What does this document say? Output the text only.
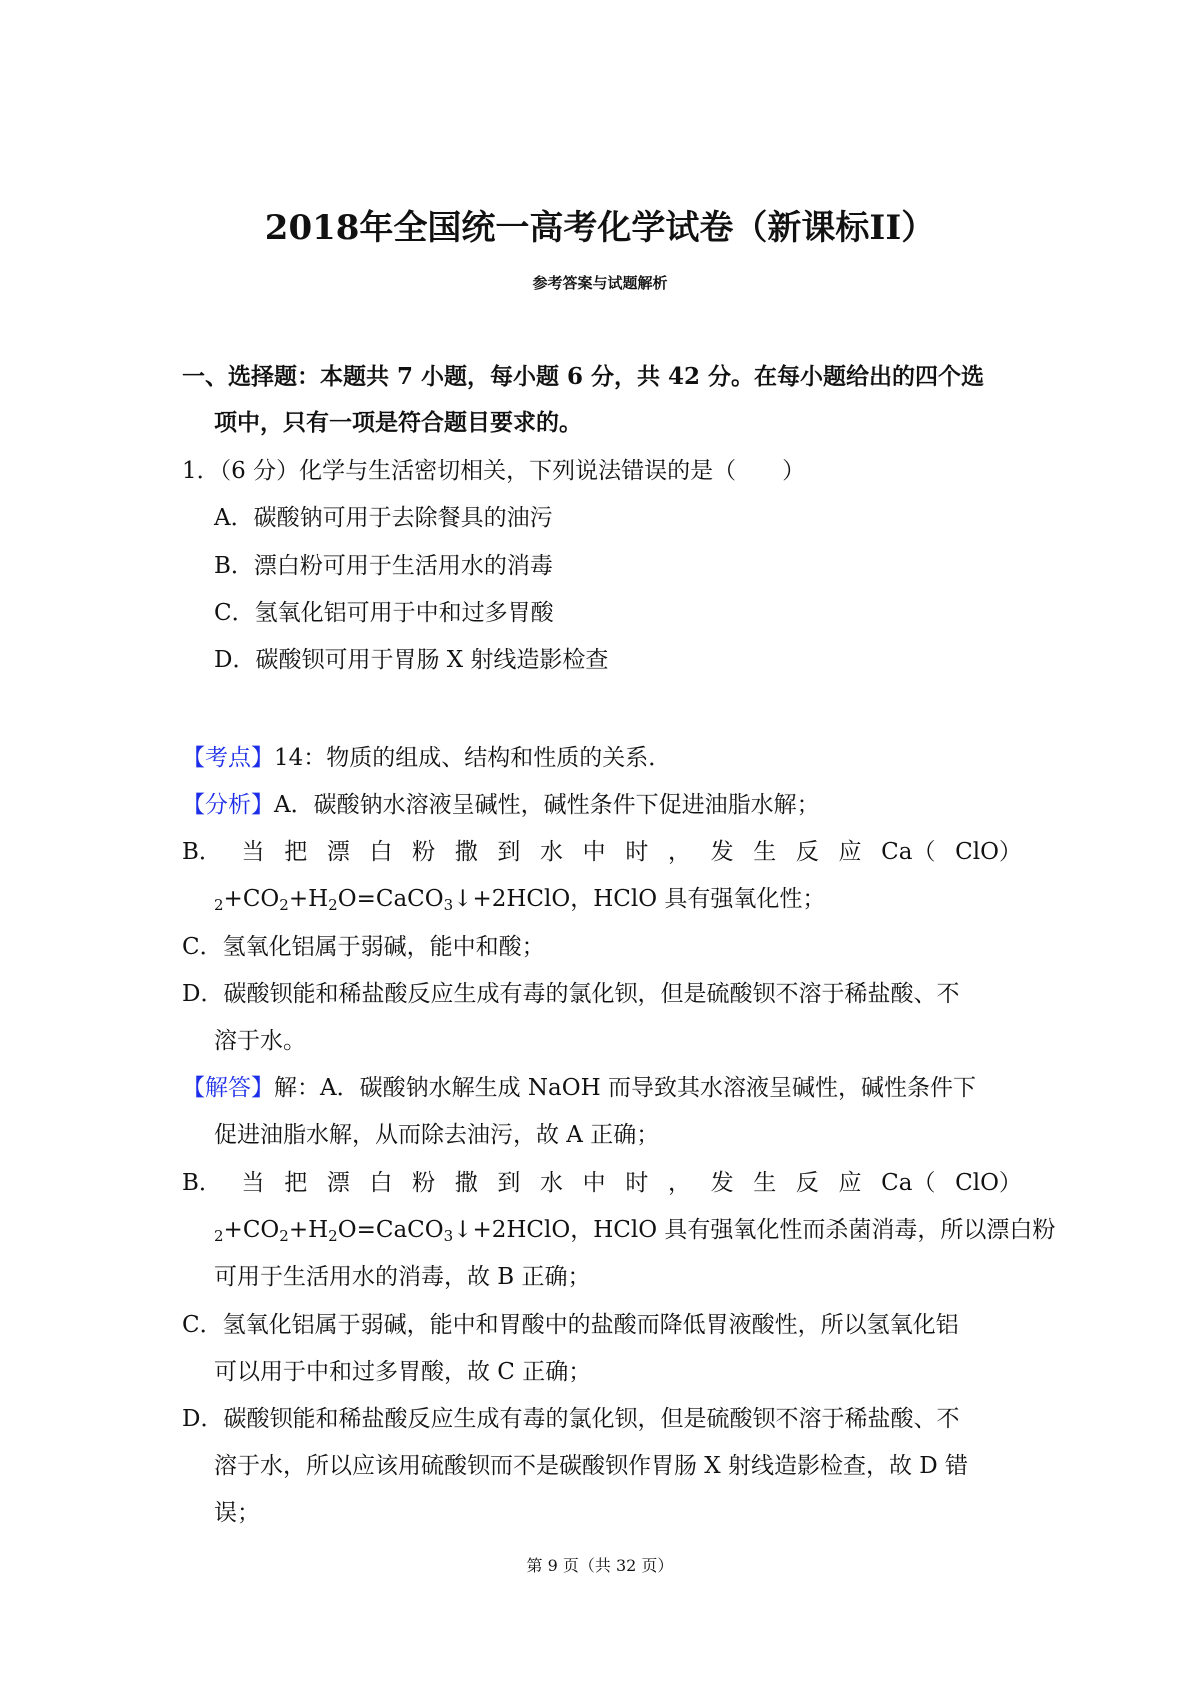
2018年全国统一高考化学试卷（新课标II）
参考答案与试题解析
一、选择题：本题共 7 小题，每小题 6 分，共 42 分。在每小题给出的四个选
项中，只有一项是符合题目要求的。
1．（6 分）化学与生活密切相关，下列说法错误的是（　　）
A．碳酸钠可用于去除餐具的油污
B．漂白粉可用于生活用水的消毒
C．氢氧化铝可用于中和过多胃酸
D．碳酸钡可用于胃肠 X 射线造影检查
【考点】14：物质的组成、结构和性质的关系．
【分析】A．碳酸钠水溶液呈碱性，碱性条件下促进油脂水解；
B． 当 把 漂 白 粉 撒 到 水 中 时 ， 发 生 反 应 Ca（ ClO）
$_2+CO_2+H_2O=CaCO_3↓+2HClO$，HClO 具有强氧化性；
C．氢氧化铝属于弱碱，能中和酸；
D．碳酸钡能和稀盐酸反应生成有毒的氯化钡，但是硫酸钡不溶于稀盐酸、不
溶于水。
【解答】解：A．碳酸钠水解生成 NaOH 而导致其水溶液呈碱性，碱性条件下
促进油脂水解，从而除去油污，故 A 正确；
B． 当 把 漂 白 粉 撒 到 水 中 时 ， 发 生 反 应 Ca（ ClO）
$_2+CO_2+H_2O=CaCO_3↓+2HClO$，HClO 具有强氧化性而杀菌消毒，所以漂白粉
可用于生活用水的消毒，故 B 正确；
C．氢氧化铝属于弱碱，能中和胃酸中的盐酸而降低胃液酸性，所以氢氧化铝
可以用于中和过多胃酸，故 C 正确；
D．碳酸钡能和稀盐酸反应生成有毒的氯化钡，但是硫酸钡不溶于稀盐酸、不
溶于水，所以应该用硫酸钡而不是碳酸钡作胃肠 X 射线造影检查，故 D 错
误；
第 9 页（共 32 页）
